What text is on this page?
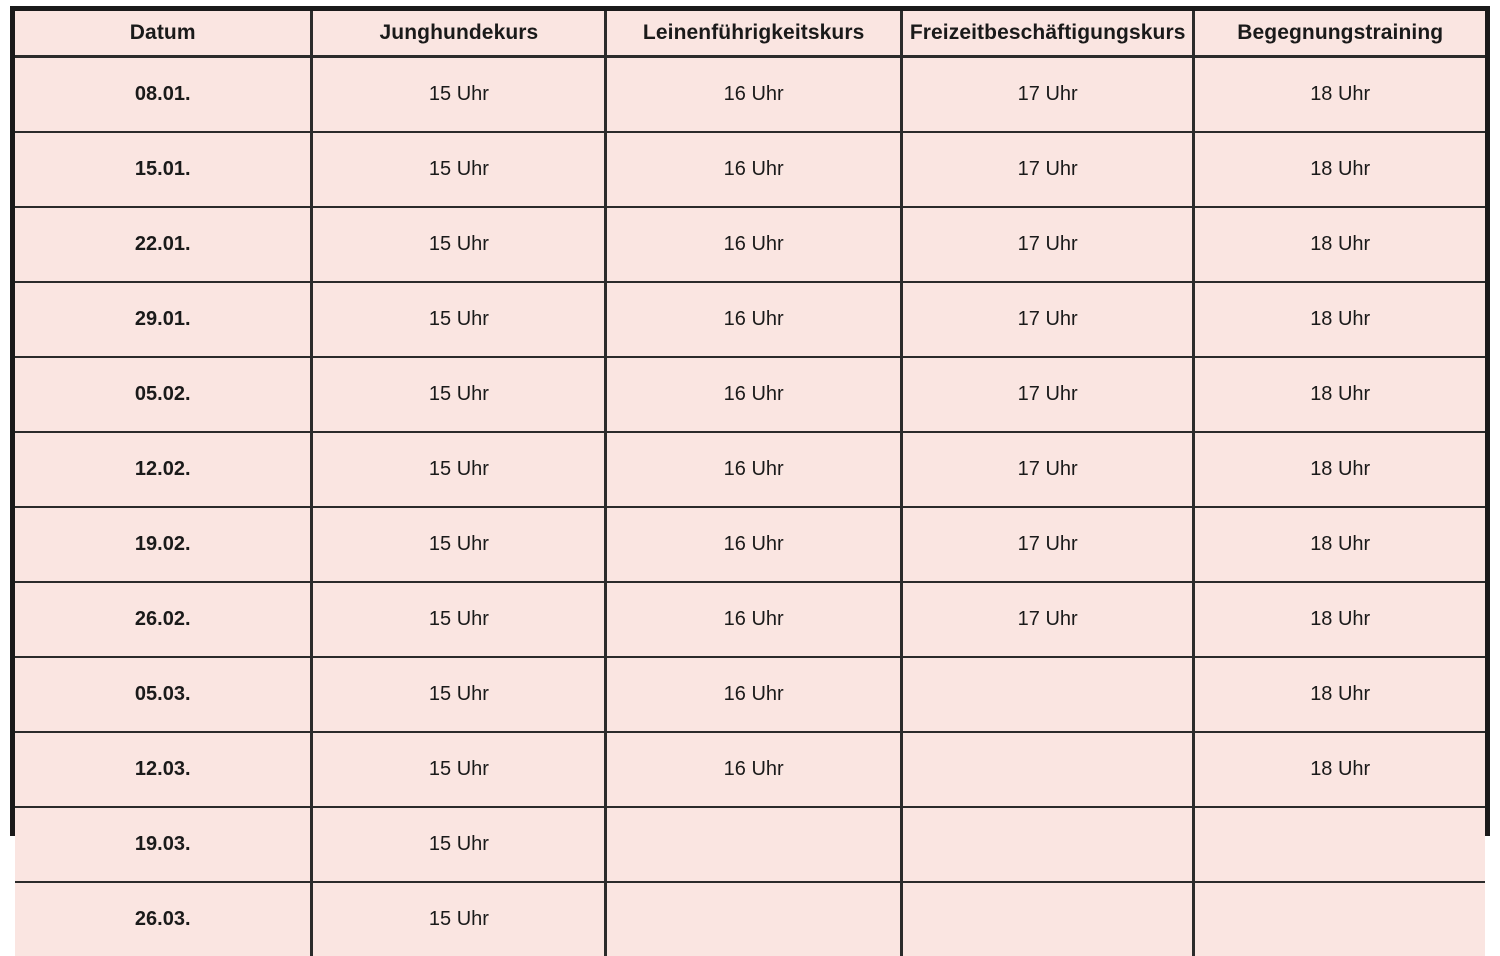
Datum	Junghundekurs	Leinenführigkeitskurs	Freizeitbeschäftigungskurs	Begegnungstraining
08.01.	15 Uhr	16 Uhr	17 Uhr	18 Uhr
15.01.	15 Uhr	16 Uhr	17 Uhr	18 Uhr
22.01.	15 Uhr	16 Uhr	17 Uhr	18 Uhr
29.01.	15 Uhr	16 Uhr	17 Uhr	18 Uhr
05.02.	15 Uhr	16 Uhr	17 Uhr	18 Uhr
12.02.	15 Uhr	16 Uhr	17 Uhr	18 Uhr
19.02.	15 Uhr	16 Uhr	17 Uhr	18 Uhr
26.02.	15 Uhr	16 Uhr	17 Uhr	18 Uhr
05.03.	15 Uhr	16 Uhr		18 Uhr
12.03.	15 Uhr	16 Uhr		18 Uhr
19.03.	15 Uhr			
26.03.	15 Uhr			
